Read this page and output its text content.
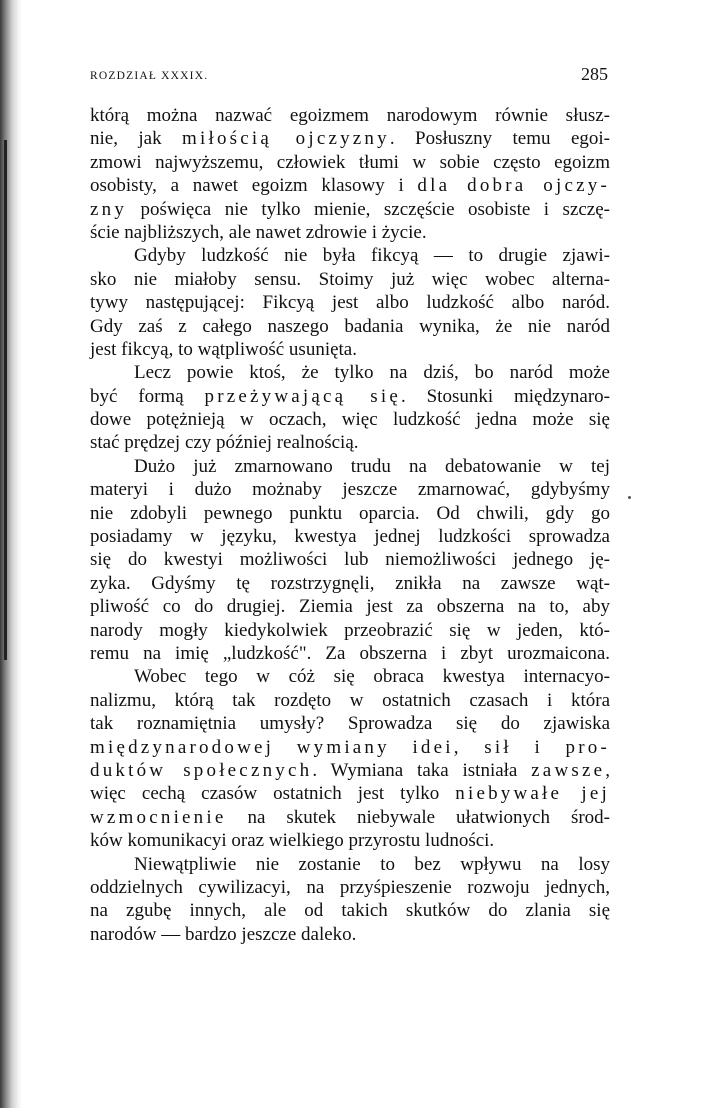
ROZDZIAŁ XXXIX.	285
którą można nazwać egoizmem narodowym równie słusz-
nie, jak miłością ojczyzny. Posłuszny temu egoi-
zmowi najwyższemu, człowiek tłumi w sobie często egoizm
osobisty, a nawet egoizm klasowy i dla dobra ojczy-
zny poświęca nie tylko mienie, szczęście osobiste i szczę-
ście najbliższych, ale nawet zdrowie i życie.
Gdyby ludzkość nie była fikcyą — to drugie zjawi-
sko nie miałoby sensu. Stoimy już więc wobec alterna-
tywy następującej: Fikcyą jest albo ludzkość albo naród.
Gdy zaś z całego naszego badania wynika, że nie naród
jest fikcyą, to wątpliwość usunięta.
Lecz powie ktoś, że tylko na dziś, bo naród może
być formą przeżywającą się. Stosunki międzynaro-
dowe potężnieją w oczach, więc ludzkość jedna może się
stać prędzej czy później realnością.
Dużo już zmarnowano trudu na debatowanie w tej
materyi i dużo możnaby jeszcze zmarnować, gdybyśmy
nie zdobyli pewnego punktu oparcia. Od chwili, gdy go
posiadamy w języku, kwestya jednej ludzkości sprowadza
się do kwestyi możliwości lub niemożliwości jednego ję-
zyka. Gdyśmy tę rozstrzygnęli, znikła na zawsze wąt-
pliwość co do drugiej. Ziemia jest za obszerna na to, aby
narody mogły kiedykolwiek przeobrazić się w jeden, któ-
remu na imię „ludzkość". Za obszerna i zbyt urozmaicona.
Wobec tego w cóż się obraca kwestya internacyo-
nalizmu, którą tak rozdęto w ostatnich czasach i która
tak roznamiętnia umysły? Sprowadza się do zjawiska
międzynarodowej wymiany idei, sił i pro-
duktów społecznych. Wymiana taka istniała zawsze,
więc cechą czasów ostatnich jest tylko niebywałe jej
wzmocnienie na skutek niebywale ułatwionych środ-
ków komunikacyi oraz wielkiego przyrostu ludności.
Niewątpliwie nie zostanie to bez wpływu na losy
oddzielnych cywilizacyi, na przyśpieszenie rozwoju jednych,
na zgubę innych, ale od takich skutków do zlania się
narodów — bardzo jeszcze daleko.
